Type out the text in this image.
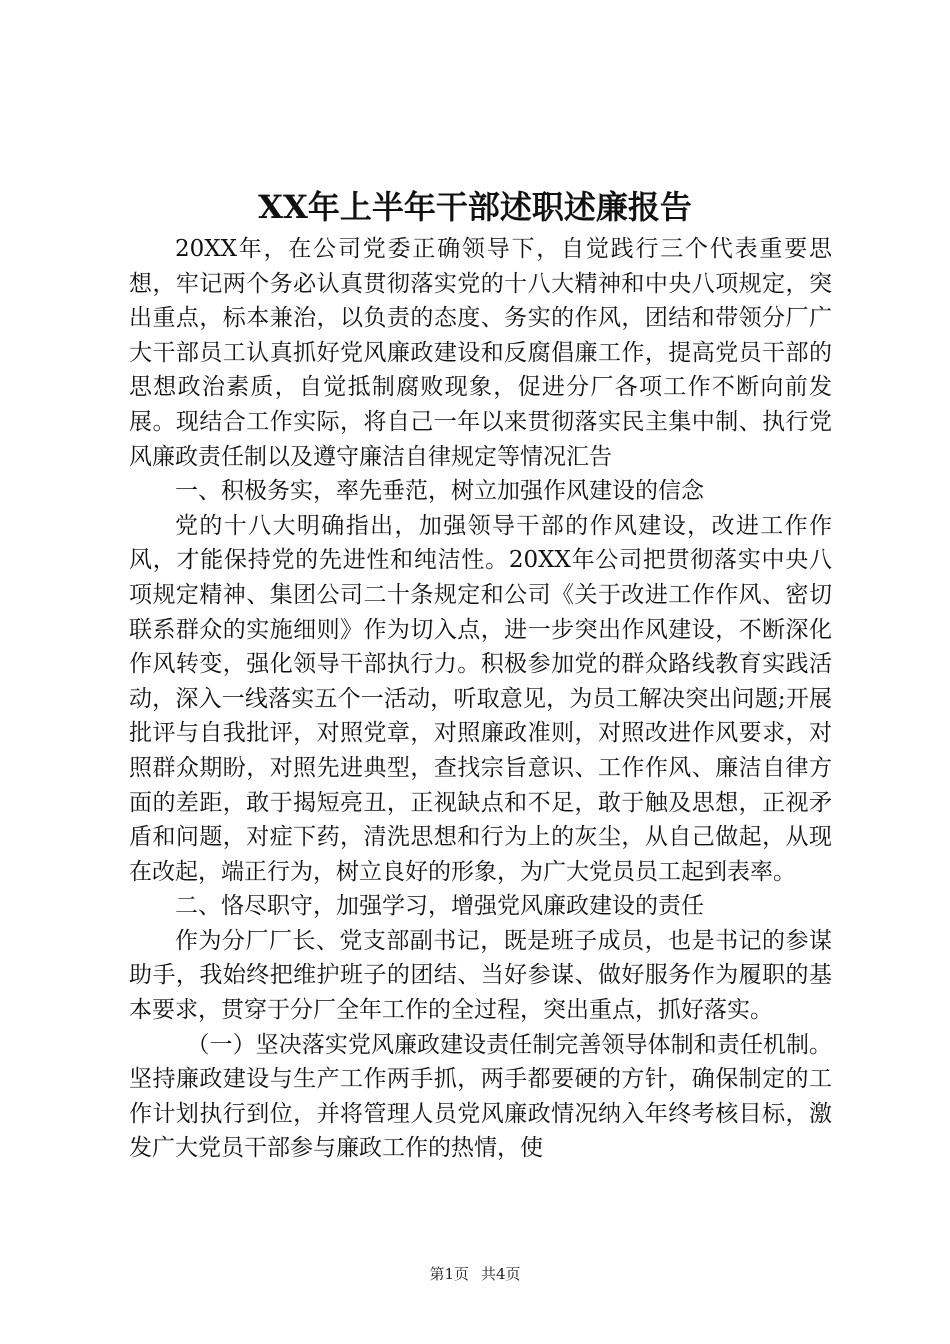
XX年上半年干部述职述廉报告

20XX年，在公司党委正确领导下，自觉践行三个代表重要思想，牢记两个务必认真贯彻落实党的十八大精神和中央八项规定，突出重点，标本兼治，以负责的态度、务实的作风，团结和带领分厂广大干部员工认真抓好党风廉政建设和反腐倡廉工作，提高党员干部的思想政治素质，自觉抵制腐败现象，促进分厂各项工作不断向前发展。现结合工作实际，将自己一年以来贯彻落实民主集中制、执行党风廉政责任制以及遵守廉洁自律规定等情况汇告

一、积极务实，率先垂范，树立加强作风建设的信念

党的十八大明确指出，加强领导干部的作风建设，改进工作作风，才能保持党的先进性和纯洁性。20XX年公司把贯彻落实中央八项规定精神、集团公司二十条规定和公司《关于改进工作作风、密切联系群众的实施细则》作为切入点，进一步突出作风建设，不断深化作风转变，强化领导干部执行力。积极参加党的群众路线教育实践活动，深入一线落实五个一活动，听取意见，为员工解决突出问题;开展批评与自我批评，对照党章，对照廉政准则，对照改进作风要求，对照群众期盼，对照先进典型，查找宗旨意识、工作作风、廉洁自律方面的差距，敢于揭短亮丑，正视缺点和不足，敢于触及思想，正视矛盾和问题，对症下药，清洗思想和行为上的灰尘，从自己做起，从现在改起，端正行为，树立良好的形象，为广大党员员工起到表率。

二、恪尽职守，加强学习，增强党风廉政建设的责任

作为分厂厂长、党支部副书记，既是班子成员，也是书记的参谋助手，我始终把维护班子的团结、当好参谋、做好服务作为履职的基本要求，贯穿于分厂全年工作的全过程，突出重点，抓好落实。

（一）坚决落实党风廉政建设责任制完善领导体制和责任机制。坚持廉政建设与生产工作两手抓，两手都要硬的方针，确保制定的工作计划执行到位，并将管理人员党风廉政情况纳入年终考核目标，激发广大党员干部参与廉政工作的热情，使

第1页 共4页
